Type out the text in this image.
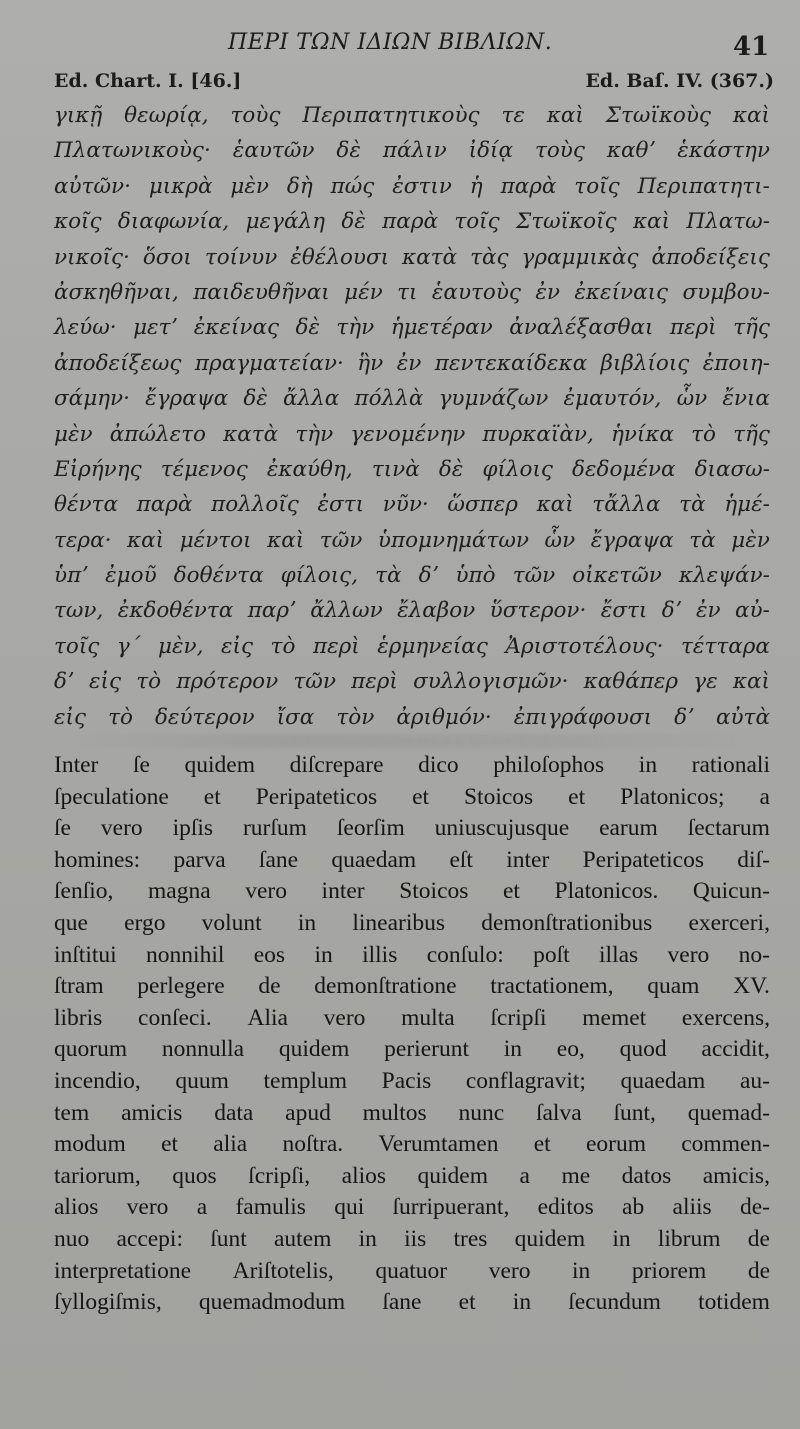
ΠΕΡΙ ΤΩΝ ΙΔΙΩΝ ΒΙΒΛΙΩΝ.	41
Ed. Chart. I. [46.]	Ed. Baſ. IV. (367.)
γικῇ θεωρίᾳ, τοὺς Περιπατητικοὺς τε καὶ Στωϊκοὺς καὶ
Πλατωνικοὺς· ἑαυτῶν δὲ πάλιν ἰδίᾳ τοὺς καθʼ ἑκάστην
αὐτῶν· μικρὰ μὲν δὴ πώς ἐστιν ἡ παρὰ τοῖς Περιπατητι-
κοῖς διαφωνία, μεγάλη δὲ παρὰ τοῖς Στωϊκοῖς καὶ Πλατω-
νικοῖς· ὅσοι τοίνυν ἐθέλουσι κατὰ τὰς γραμμικὰς ἀποδείξεις
ἀσκηθῆναι, παιδευθῆναι μέν τι ἑαυτοὺς ἐν ἐκείναις συμβου-
λεύω· μετʼ ἐκείνας δὲ τὴν ἡμετέραν ἀναλέξασθαι περὶ τῆς
ἀποδείξεως πραγματείαν· ἣν ἐν πεντεκαίδεκα βιβλίοις ἐποιη-
σάμην· ἔγραψα δὲ ἄλλα πόλλὰ γυμνάζων ἐμαυτόν, ὧν ἔνια
μὲν ἀπώλετο κατὰ τὴν γενομένην πυρκαϊὰν, ἡνίκα τὸ τῆς
Εἰρήνης τέμενος ἐκαύθη, τινὰ δὲ φίλοις δεδομένα διασω-
θέντα παρὰ πολλοῖς ἐστι νῦν· ὥσπερ καὶ τἄλλα τὰ ἡμέ-
τερα· καὶ μέντοι καὶ τῶν ὑπομνημάτων ὧν ἔγραψα τὰ μὲν
ὑπʼ ἐμοῦ δοθέντα φίλοις, τὰ δʼ ὑπὸ τῶν οἰκετῶν κλεψάν-
των, ἐκδοθέντα παρʼ ἄλλων ἔλαβον ὕστερον· ἔστι δʼ ἐν αὐ-
τοῖς γ΄ μὲν, εἰς τὸ περὶ ἑρμηνείας Ἀριστοτέλους· τέτταρα
δʼ εἰς τὸ πρότερον τῶν περὶ συλλογισμῶν· καθάπερ γε καὶ
εἰς τὸ δεύτερον ἴσα τὸν ἀριθμόν· ἐπιγράφουσι δʼ αὐτὰ
Inter ſe quidem diſcrepare dico philoſophos in rationali
ſpeculatione et Peripateticos et Stoicos et Platonicos; a
ſe vero ipſis rurſum ſeorſim uniuscujusque earum ſectarum
homines: parva ſane quaedam eſt inter Peripateticos diſ-
ſenſio, magna vero inter Stoicos et Platonicos. Quicun-
que ergo volunt in linearibus demonſtrationibus exerceri,
inſtitui nonnihil eos in illis conſulo: poſt illas vero no-
ſtram perlegere de demonſtratione tractationem, quam XV.
libris conſeci. Alia vero multa ſcripſi memet exercens,
quorum nonnulla quidem perierunt in eo, quod accidit,
incendio, quum templum Pacis conflagravit; quaedam au-
tem amicis data apud multos nunc ſalva ſunt, quemad-
modum et alia noſtra. Verumtamen et eorum commen-
tariorum, quos ſcripſi, alios quidem a me datos amicis,
alios vero a famulis qui ſurripuerant, editos ab aliis de-
nuo accepi: ſunt autem in iis tres quidem in librum de
interpretatione Ariſtotelis, quatuor vero in priorem de
ſyllogiſmis, quemadmodum ſane et in ſecundum totidem
